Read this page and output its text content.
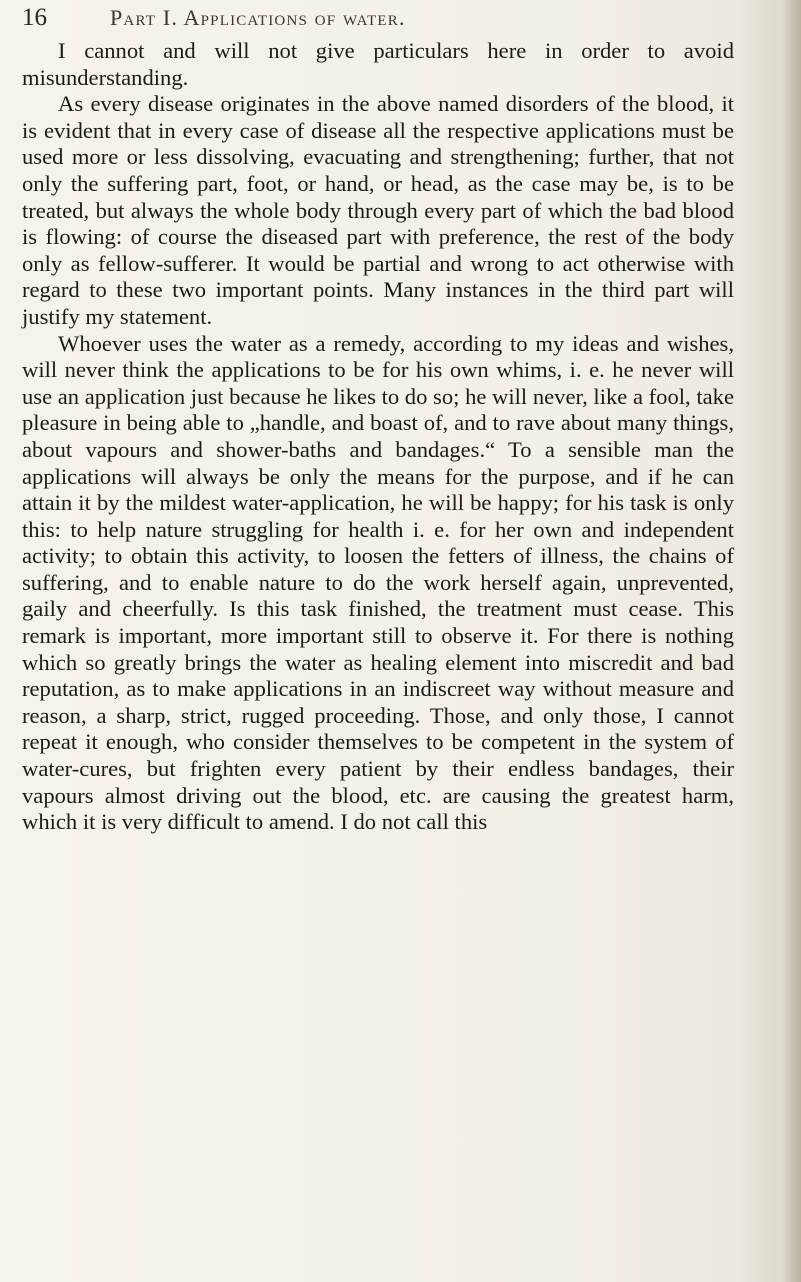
16	Part I. Applications of water.

I cannot and will not give particulars here in order to avoid misunderstanding.

As every disease originates in the above named disorders of the blood, it is evident that in every case of disease all the respective applications must be used more or less dissolving, evacuating and strengthening; further, that not only the suffering part, foot, or hand, or head, as the case may be, is to be treated, but always the whole body through every part of which the bad blood is flowing: of course the diseased part with preference, the rest of the body only as fellow-sufferer. It would be partial and wrong to act otherwise with regard to these two important points. Many instances in the third part will justify my statement.

Whoever uses the water as a remedy, according to my ideas and wishes, will never think the applications to be for his own whims, i. e. he never will use an application just because he likes to do so; he will never, like a fool, take pleasure in being able to „handle, and boast of, and to rave about many things, about vapours and shower-baths and bandages.“ To a sensible man the applications will always be only the means for the purpose, and if he can attain it by the mildest water-application, he will be happy; for his task is only this: to help nature struggling for health i. e. for her own and independent activity; to obtain this activity, to loosen the fetters of illness, the chains of suffering, and to enable nature to do the work herself again, unprevented, gaily and cheerfully. Is this task finished, the treatment must cease. This remark is important, more important still to observe it. For there is nothing which so greatly brings the water as healing element into miscredit and bad reputation, as to make applications in an indiscreet way without measure and reason, a sharp, strict, rugged proceeding. Those, and only those, I cannot repeat it enough, who consider themselves to be competent in the system of water-cures, but frighten every patient by their endless bandages, their vapours almost driving out the blood, etc. are causing the greatest harm, which it is very difficult to amend. I do not call this
